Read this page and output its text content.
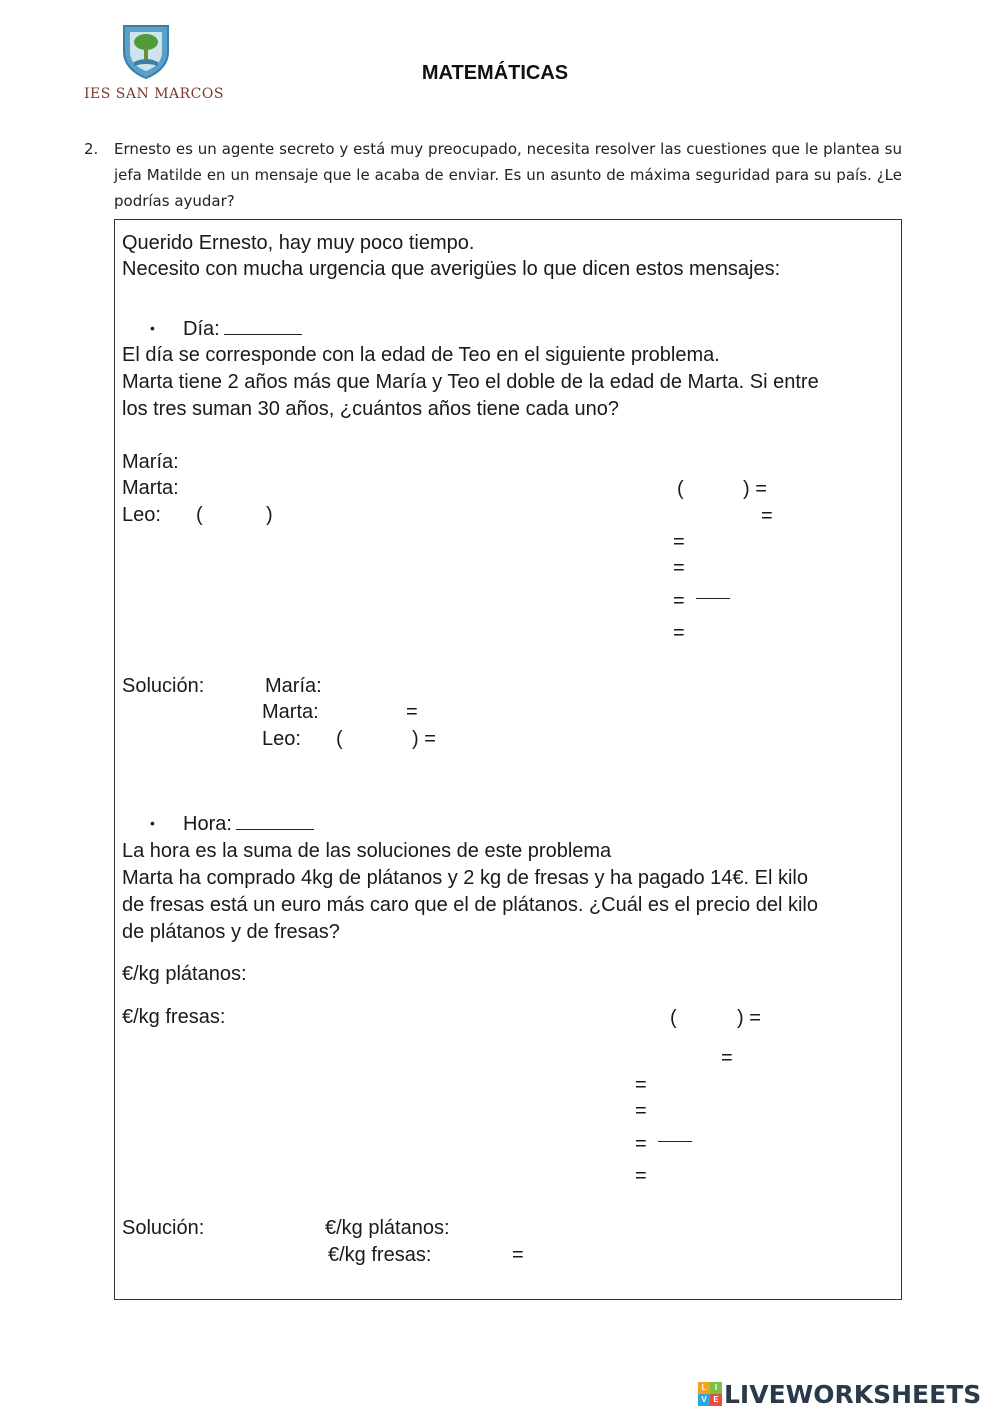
IES SAN MARCOS
MATEMÁTICAS
2. Ernesto es un agente secreto y está muy preocupado, necesita resolver las cuestiones que le plantea su jefa Matilde en un mensaje que le acaba de enviar. Es un asunto de máxima seguridad para su país. ¿Le podrías ayudar?
Querido Ernesto, hay muy poco tiempo.
Necesito con mucha urgencia que averigües lo que dicen estos mensajes:
• Día:
El día se corresponde con la edad de Teo en el siguiente problema.
Marta tiene 2 años más que María y Teo el doble de la edad de Marta. Si entre
los tres suman 30 años, ¿cuántos años tiene cada uno?
María:
Marta:
Leo: (	)
(	) =
=
=
=
=
=
Solución:	María:
Marta:	=
Leo: (	) =
• Hora:
La hora es la suma de las soluciones de este problema
Marta ha comprado 4kg de plátanos y 2 kg de fresas y ha pagado 14€. El kilo
de fresas está un euro más caro que el de plátanos. ¿Cuál es el precio del kilo
de plátanos y de fresas?
€/kg plátanos:
€/kg fresas:	(	) =
=
=
=
=
=
Solución:	€/kg plátanos:
€/kg fresas:	=
L	I
V E LIVEWORKSHEETS
